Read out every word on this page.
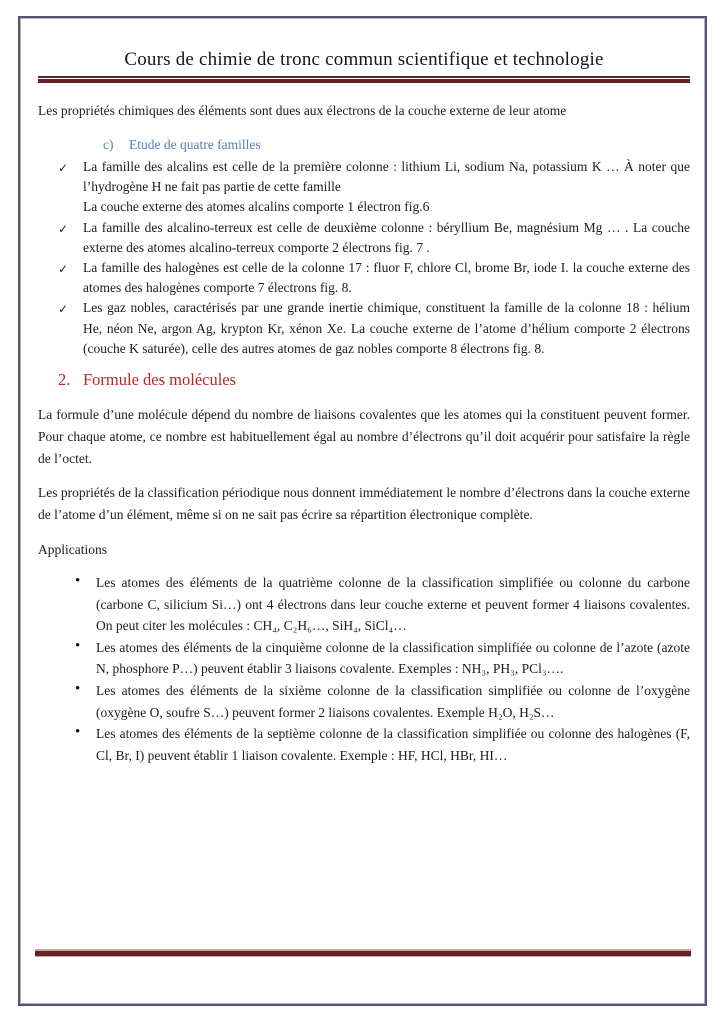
Cours de chimie de tronc commun scientifique et technologie

Les propriétés chimiques des éléments sont dues aux électrons de la couche externe de leur atome

c) Etude de quatre familles
✓ La famille des alcalins est celle de la première colonne : lithium Li, sodium Na, potassium K … À noter que l’hydrogène H ne fait pas partie de cette famille
La couche externe des atomes alcalins comporte 1 électron fig.6
✓ La famille des alcalino-terreux est celle de deuxième colonne : béryllium Be, magnésium Mg … . La couche externe des atomes alcalino-terreux comporte 2 électrons fig. 7 .
✓ La famille des halogènes est celle de la colonne 17 : fluor F, chlore Cl, brome Br, iode I. la couche externe des atomes des halogènes comporte 7 électrons fig. 8.
✓ Les gaz nobles, caractérisés par une grande inertie chimique, constituent la famille de la colonne 18 : hélium He, néon Ne, argon Ag, krypton Kr, xénon Xe. La couche externe de l’atome d’hélium comporte 2 électrons (couche K saturée), celle des autres atomes de gaz nobles comporte 8 électrons fig. 8.
2. Formule des molécules

La formule d’une molécule dépend du nombre de liaisons covalentes que les atomes qui la constituent peuvent former. Pour chaque atome, ce nombre est habituellement égal au nombre d’électrons qu’il doit acquérir pour satisfaire la règle de l’octet.

Les propriétés de la classification périodique nous donnent immédiatement le nombre d’électrons dans la couche externe de l’atome d’un élément, même si on ne sait pas écrire sa répartition électronique complète.

Applications

• Les atomes des éléments de la quatrième colonne de la classification simplifiée ou colonne du carbone (carbone C, silicium Si…) ont 4 électrons dans leur couche externe et peuvent former 4 liaisons covalentes. On peut citer les molécules : CH₄, C₂H₆…, SiH₄, SiCl₄…
• Les atomes des éléments de la cinquième colonne de la classification simplifiée ou colonne de l’azote (azote N, phosphore P…) peuvent établir 3 liaisons covalente. Exemples : NH₃, PH₃, PCl₃….
• Les atomes des éléments de la sixième colonne de la classification simplifiée ou colonne de l’oxygène (oxygène O, soufre S…) peuvent former 2 liaisons covalentes. Exemple H₂O, H₂S…
• Les atomes des éléments de la septième colonne de la classification simplifiée ou colonne des halogènes (F, Cl, Br, I) peuvent établir 1 liaison covalente. Exemple : HF, HCl, HBr, HI…
